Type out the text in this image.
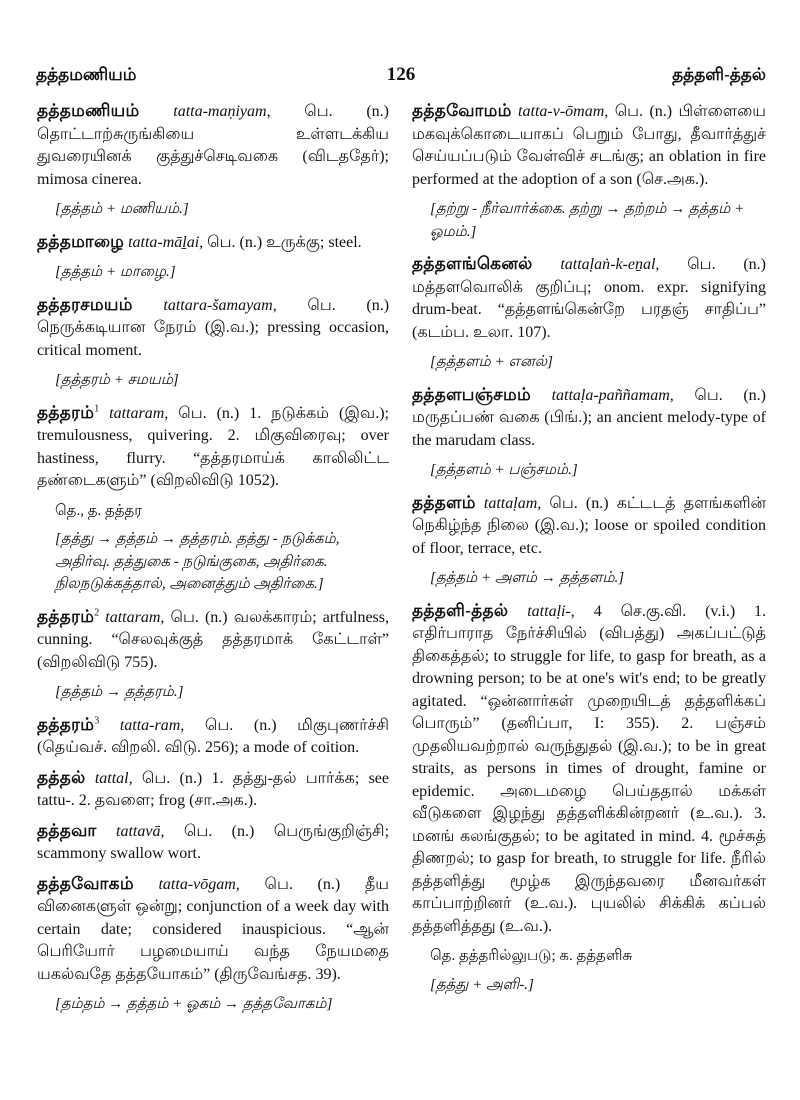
126
தத்தமணியம்	தத்தளி-த்தல்
தத்தமணியம் tatta-maṇiyam, பெ. (n.) தொட்டாற்சுருங்கியை உள்ளடக்கிய துவரையினக் குத்துச்செடிவகை (விடததேர்); mimosa cinerea.
[தத்தம் + மணியம்.]
தத்தமாழை tatta-māḻai, பெ. (n.) உருக்கு; steel.
[தத்தம் + மாழை.]
தத்தரசமயம் tattara-šamayam, பெ. (n.) நெருக்கடியான நேரம் (இ.வ.); pressing occasion, critical moment.
[தத்தரம் + சமயம்]
தத்தரம்$^1$ tattaram, பெ. (n.) 1. நடுக்கம் (இவ.); tremulousness, quivering. 2. மிகுவிரைவு; over hastiness, flurry. “தத்தரமாய்க் காலிலிட்ட தண்டைகளும்” (விறலிவிடு 1052).
தெ., த. தத்தர
[தத்து → தத்தம் → தத்தரம். தத்து - நடுக்கம், அதிர்வு. தத்துகை - நடுங்குகை, அதிர்கை. நிலநடுக்கத்தால், அனைத்தும் அதிர்கை.]
தத்தரம்$^2$ tattaram, பெ. (n.) வலக்காரம்; artfulness, cunning. “செலவுக்குத் தத்தரமாக் கேட்டாள்” (விறலிவிடு 755).
[தத்தம் → தத்தரம்.]
தத்தரம்$^3$ tatta-ram, பெ. (n.) மிகுபுணர்ச்சி (தெய்வச். விறலி. விடு. 256); a mode of coition.
தத்தல் tattal, பெ. (n.) 1. தத்து-தல் பார்க்க; see tattu-. 2. தவளை; frog (சா.அக.).
தத்தவா tattavā, பெ. (n.) பெருங்குறிஞ்சி; scammony swallow wort.
தத்தவோகம் tatta-vōgam, பெ. (n.) தீய வினைகளுள் ஒன்று; conjunction of a week day with certain date; considered inauspicious. “ஆன் பெரியோர் பழமையாய் வந்த நேயமதை யகல்வதே தத்தயோகம்” (திருவேங்சத. 39).
[தம்தம் → தத்தம் + ஓகம் → தத்தவோகம்]
தத்தவோமம் tatta-v-ōmam, பெ. (n.) பிள்ளையை மகவுக்கொடையாகப் பெறும் போது, தீவார்த்துச் செய்யப்படும் வேள்விச் சடங்கு; an oblation in fire performed at the adoption of a son (செ.அக.).
[தற்று - நீர்வார்க்கை. தற்று → தற்றம் → தத்தம் + ஓமம்.]
தத்தளங்கெனல் tattaḷaṅ-k-eṉal, பெ. (n.) மத்தளவொலிக் குறிப்பு; onom. expr. signifying drum-beat. “தத்தளங்கென்றே பரதஞ் சாதிப்ப” (கடம்ப. உலா. 107).
[தத்தளம் + எனல்]
தத்தளபஞ்சமம் tattaḷa-paññamam, பெ. (n.) மருதப்பண் வகை (பிங்.); an ancient melody-type of the marudam class.
[தத்தளம் + பஞ்சமம்.]
தத்தளம் tattaḷam, பெ. (n.) கட்டடத் தளங்களின் நெகிழ்ந்த நிலை (இ.வ.); loose or spoiled condition of floor, terrace, etc.
[தத்தம் + அளம் → தத்தளம்.]
தத்தளி-த்தல் tattaḷi-, 4 செ.கு.வி. (v.i.) 1. எதிர்பாராத நேர்ச்சியில் (விபத்து) அகப்பட்டுத் திகைத்தல்; to struggle for life, to gasp for breath, as a drowning person; to be at one's wit's end; to be greatly agitated. “ஒன்னார்கள் முறையிடத் தத்தளிக்கப் பொரும்” (தனிப்பா, I: 355). 2. பஞ்சம் முதலியவற்றால் வருந்துதல் (இ.வ.); to be in great straits, as persons in times of drought, famine or epidemic. அடைமழை பெய்ததால் மக்கள் வீடுகளை இழந்து தத்தளிக்கின்றனர் (உ.வ.). 3. மனங் கலங்குதல்; to be agitated in mind. 4. மூச்சுத் திணறல்; to gasp for breath, to struggle for life. நீரில் தத்தளித்து மூழ்க இருந்தவரை மீனவர்கள் காப்பாற்றினர் (உ.வ.). புயலில் சிக்கிக் கப்பல் தத்தளித்தது (உ.வ.).
தெ. தத்தரில்லுபடு; க. தத்தளிசு
[தத்து + அளி-.]
